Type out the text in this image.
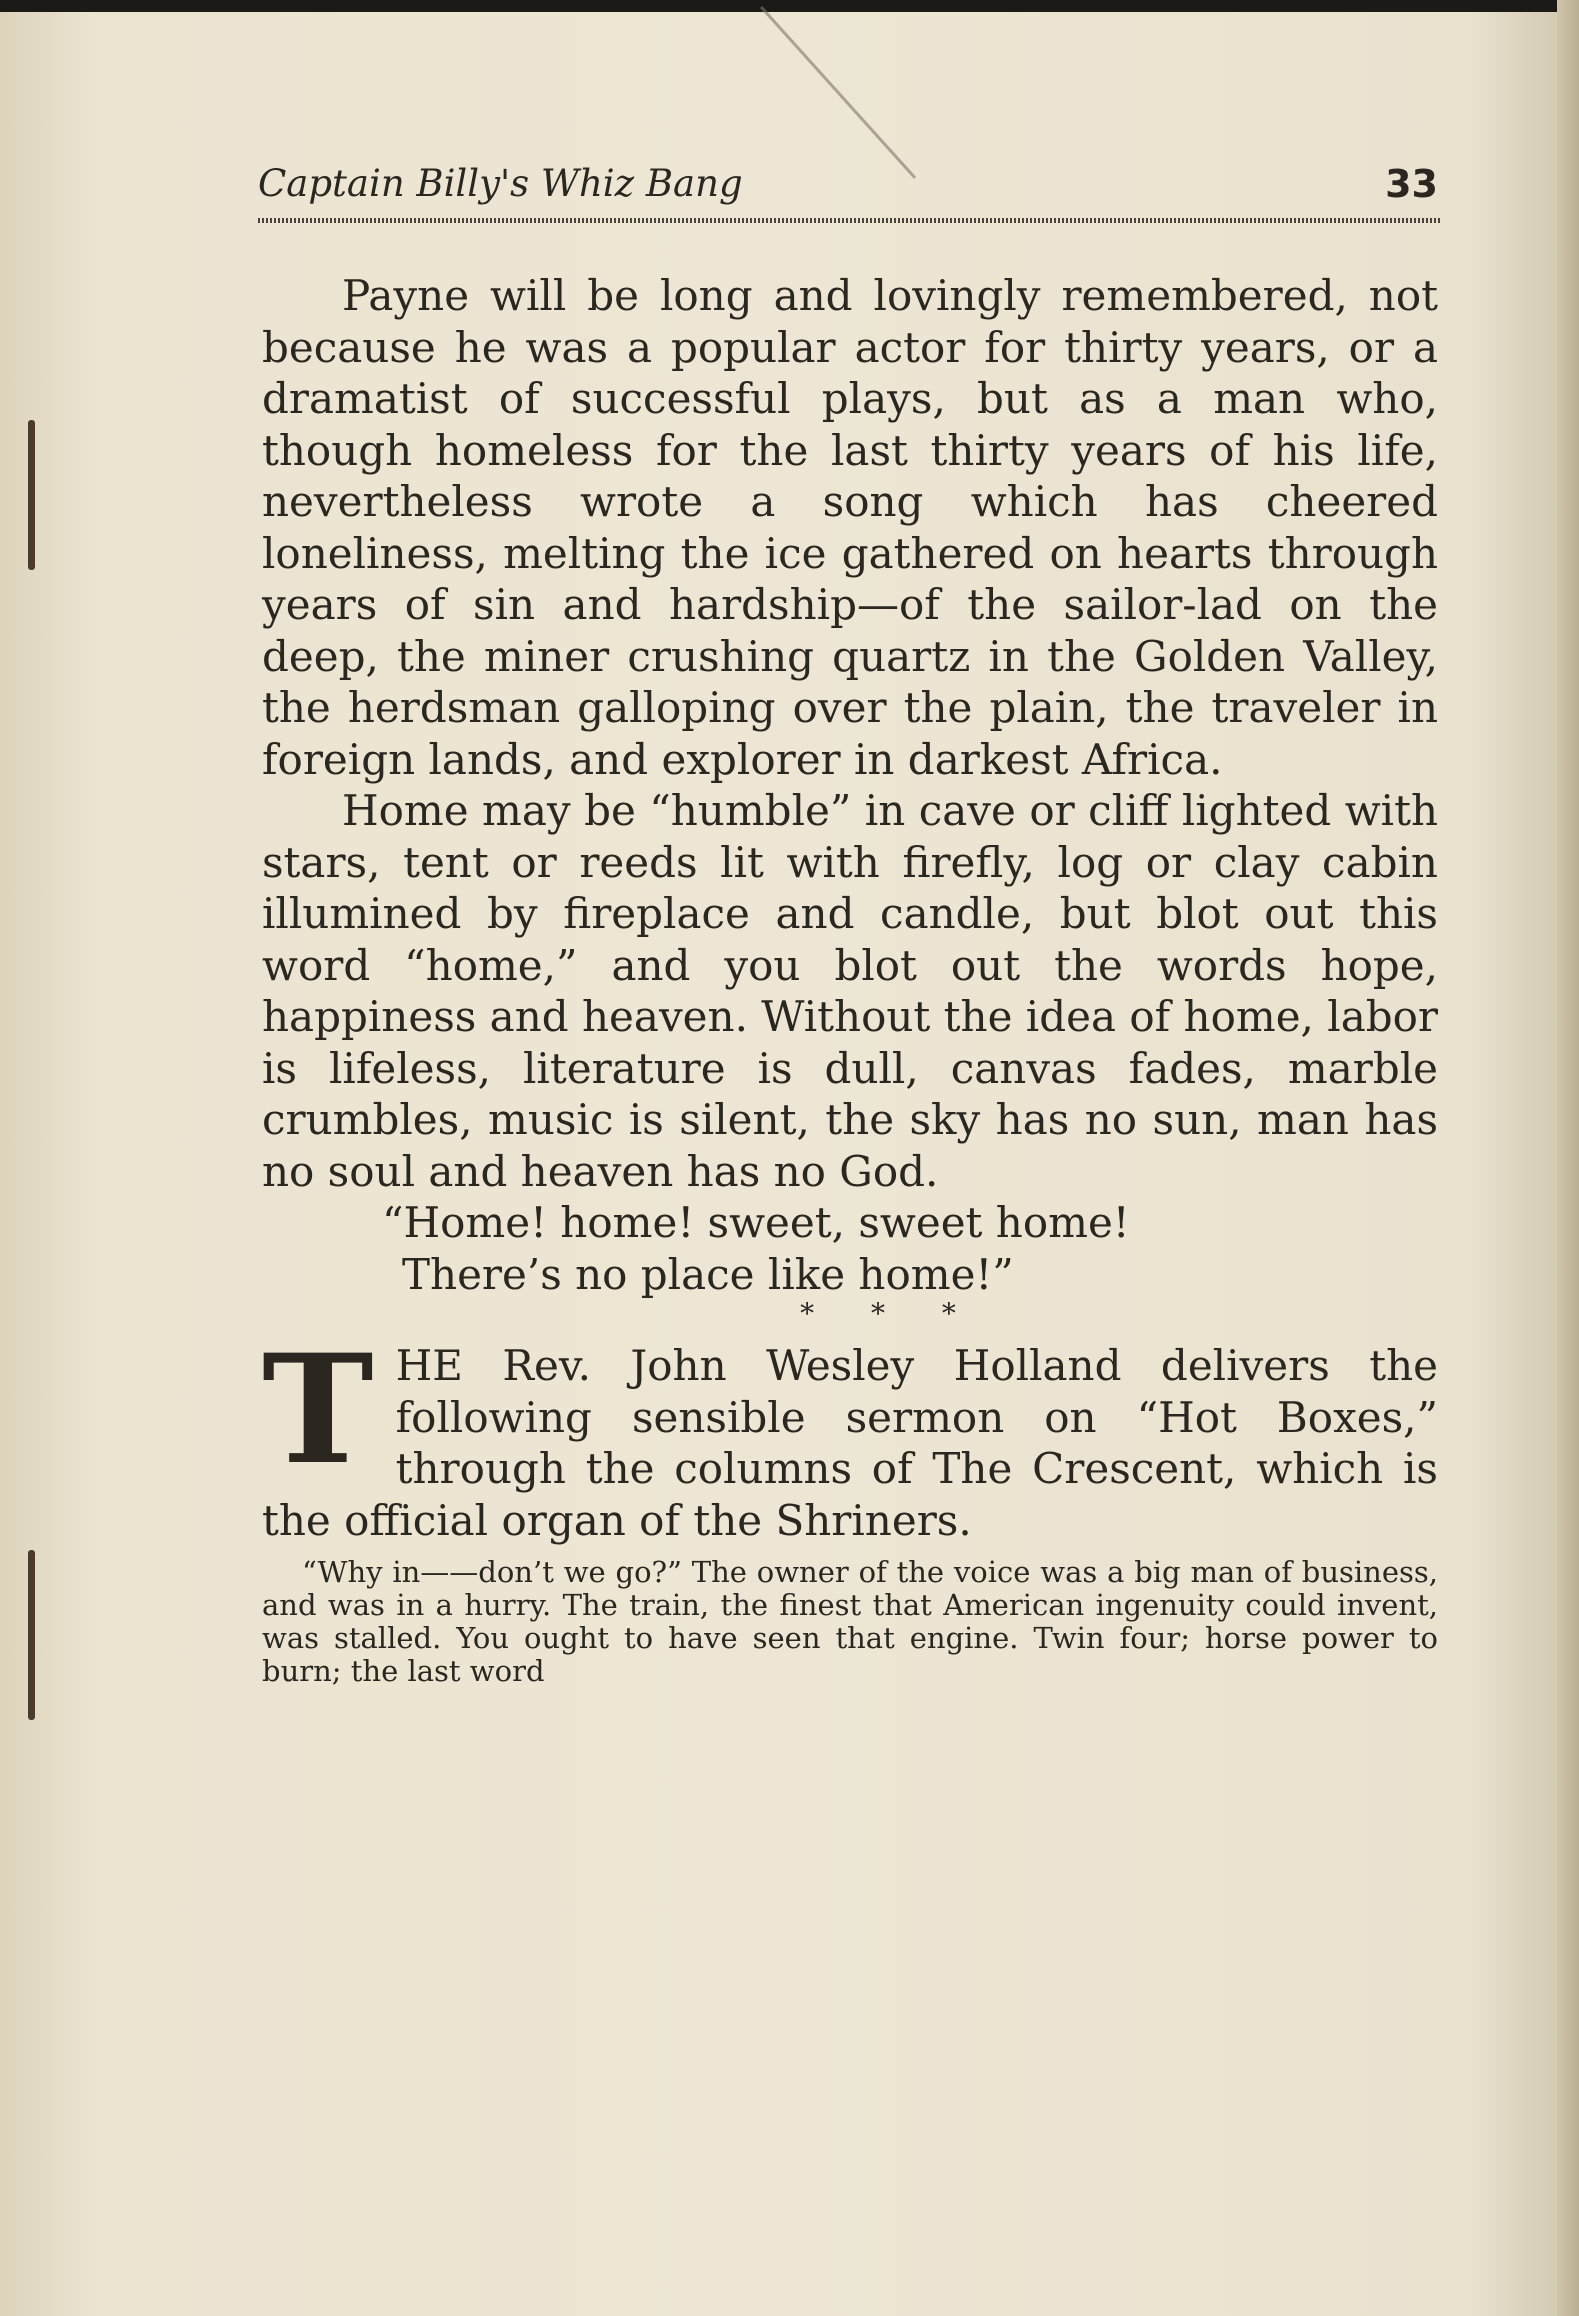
Captain Billy's Whiz Bang	33

Payne will be long and lovingly remembered, not because he was a popular actor for thirty years, or a dramatist of successful plays, but as a man who, though homeless for the last thirty years of his life, nevertheless wrote a song which has cheered loneliness, melting the ice gathered on hearts through years of sin and hardship—of the sailor-lad on the deep, the miner crushing quartz in the Golden Valley, the herdsman galloping over the plain, the traveler in foreign lands, and explorer in darkest Africa.

Home may be “humble” in cave or cliff lighted with stars, tent or reeds lit with firefly, log or clay cabin illumined by fireplace and candle, but blot out this word “home,” and you blot out the words hope, happiness and heaven. Without the idea of home, labor is lifeless, literature is dull, canvas fades, marble crumbles, music is silent, the sky has no sun, man has no soul and heaven has no God.

“Home! home! sweet, sweet home!

There’s no place like home!”

* * *
T HE Rev. John Wesley Holland delivers the following sensible sermon on “Hot Boxes,” through the columns of The Crescent, which is the official organ of the Shriners.

“Why in——don’t we go?” The owner of the voice was a big man of business, and was in a hurry. The train, the finest that American ingenuity could invent, was stalled. You ought to have seen that engine. Twin four; horse power to burn; the last word
